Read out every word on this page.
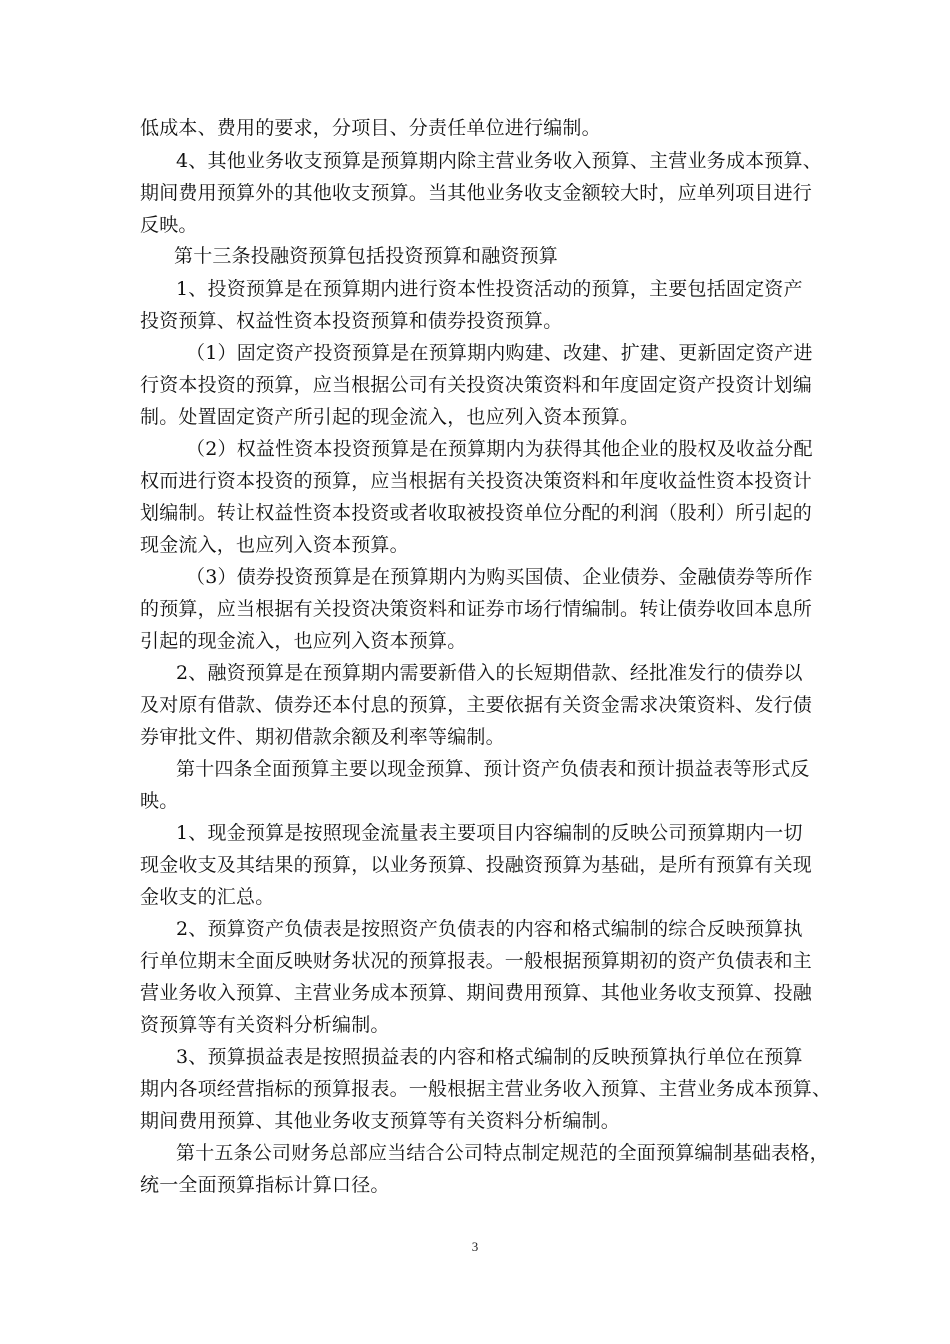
低成本、费用的要求，分项目、分责任单位进行编制。
4、其他业务收支预算是预算期内除主营业务收入预算、主营业务成本预算、
期间费用预算外的其他收支预算。当其他业务收支金额较大时，应单列项目进行
反映。
第十三条投融资预算包括投资预算和融资预算
1、投资预算是在预算期内进行资本性投资活动的预算，主要包括固定资产
投资预算、权益性资本投资预算和债券投资预算。
（1）固定资产投资预算是在预算期内购建、改建、扩建、更新固定资产进
行资本投资的预算，应当根据公司有关投资决策资料和年度固定资产投资计划编
制。处置固定资产所引起的现金流入，也应列入资本预算。
（2）权益性资本投资预算是在预算期内为获得其他企业的股权及收益分配
权而进行资本投资的预算，应当根据有关投资决策资料和年度收益性资本投资计
划编制。转让权益性资本投资或者收取被投资单位分配的利润（股利）所引起的
现金流入，也应列入资本预算。
（3）债券投资预算是在预算期内为购买国债、企业债券、金融债券等所作
的预算，应当根据有关投资决策资料和证券市场行情编制。转让债券收回本息所
引起的现金流入，也应列入资本预算。
2、融资预算是在预算期内需要新借入的长短期借款、经批准发行的债券以
及对原有借款、债券还本付息的预算，主要依据有关资金需求决策资料、发行债
券审批文件、期初借款余额及利率等编制。
第十四条全面预算主要以现金预算、预计资产负债表和预计损益表等形式反
映。
1、现金预算是按照现金流量表主要项目内容编制的反映公司预算期内一切
现金收支及其结果的预算，以业务预算、投融资预算为基础，是所有预算有关现
金收支的汇总。
2、预算资产负债表是按照资产负债表的内容和格式编制的综合反映预算执
行单位期末全面反映财务状况的预算报表。一般根据预算期初的资产负债表和主
营业务收入预算、主营业务成本预算、期间费用预算、其他业务收支预算、投融
资预算等有关资料分析编制。
3、预算损益表是按照损益表的内容和格式编制的反映预算执行单位在预算
期内各项经营指标的预算报表。一般根据主营业务收入预算、主营业务成本预算、
期间费用预算、其他业务收支预算等有关资料分析编制。
第十五条公司财务总部应当结合公司特点制定规范的全面预算编制基础表格，
统一全面预算指标计算口径。
3
